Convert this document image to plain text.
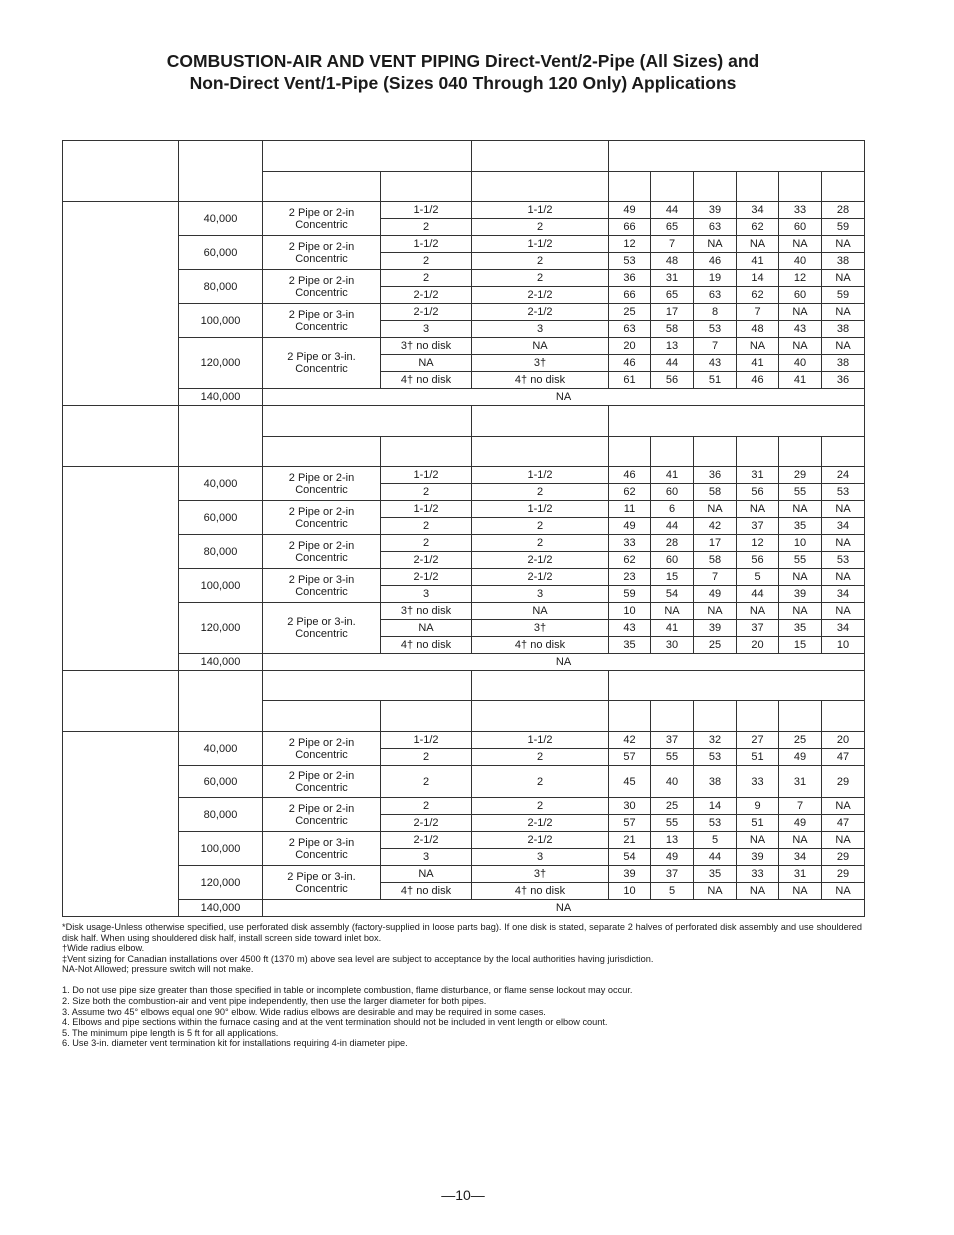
COMBUSTION-AIR AND VENT PIPING Direct-Vent/2-Pipe (All Sizes) and
Non-Direct Vent/1-Pipe (Sizes 040 Through 120 Only) Applications

	40,000	2 Pipe or 2-in Concentric	1-1/2	1-1/2	49	44	39	34	33	28
			2	2	66	65	63	62	60	59
	60,000	2 Pipe or 2-in Concentric	1-1/2	1-1/2	12	7	NA	NA	NA	NA
			2	2	53	48	46	41	40	38
	80,000	2 Pipe or 2-in Concentric	2	2	36	31	19	14	12	NA
			2-1/2	2-1/2	66	65	63	62	60	59
	100,000	2 Pipe or 3-in Concentric	2-1/2	2-1/2	25	17	8	7	NA	NA
			3	3	63	58	53	48	43	38
	120,000	2 Pipe or 3-in. Concentric	3† no disk	NA	20	13	7	NA	NA	NA
			NA	3†	46	44	43	41	40	38
			4† no disk	4† no disk	61	56	51	46	41	36
	140,000	NA								

	40,000	2 Pipe or 2-in Concentric	1-1/2	1-1/2	46	41	36	31	29	24
			2	2	62	60	58	56	55	53
	60,000	2 Pipe or 2-in Concentric	1-1/2	1-1/2	11	6	NA	NA	NA	NA
			2	2	49	44	42	37	35	34
	80,000	2 Pipe or 2-in Concentric	2	2	33	28	17	12	10	NA
			2-1/2	2-1/2	62	60	58	56	55	53
	100,000	2 Pipe or 3-in Concentric	2-1/2	2-1/2	23	15	7	5	NA	NA
			3	3	59	54	49	44	39	34
	120,000	2 Pipe or 3-in. Concentric	3† no disk	NA	10	NA	NA	NA	NA	NA
			NA	3†	43	41	39	37	35	34
			4† no disk	4† no disk	35	30	25	20	15	10
	140,000	NA								

	40,000	2 Pipe or 2-in Concentric	1-1/2	1-1/2	42	37	32	27	25	20
			2	2	57	55	53	51	49	47
	60,000	2 Pipe or 2-in Concentric	2	2	45	40	38	33	31	29
	80,000	2 Pipe or 2-in Concentric	2	2	30	25	14	9	7	NA
			2-1/2	2-1/2	57	55	53	51	49	47
	100,000	2 Pipe or 3-in Concentric	2-1/2	2-1/2	21	13	5	NA	NA	NA
			3	3	54	49	44	39	34	29
	120,000	2 Pipe or 3-in. Concentric	NA	3†	39	37	35	33	31	29
			4† no disk	4† no disk	10	5	NA	NA	NA	NA
	140,000	NA								

*Disk usage-Unless otherwise specified, use perforated disk assembly (factory-supplied in loose parts bag). If one disk is stated, separate 2 halves of perforated disk assembly and use shouldered disk half. When using shouldered disk half, install screen side toward inlet box.

†Wide radius elbow.

‡Vent sizing for Canadian installations over 4500 ft (1370 m) above sea level are subject to acceptance by the local authorities having jurisdiction.

NA-Not Allowed; pressure switch will not make.

1. Do not use pipe size greater than those specified in table or incomplete combustion, flame disturbance, or flame sense lockout may occur.

2. Size both the combustion-air and vent pipe independently, then use the larger diameter for both pipes.

3. Assume two 45° elbows equal one 90° elbow. Wide radius elbows are desirable and may be required in some cases.

4. Elbows and pipe sections within the furnace casing and at the vent termination should not be included in vent length or elbow count.

5. The minimum pipe length is 5 ft for all applications.

6. Use 3-in. diameter vent termination kit for installations requiring 4-in diameter pipe.

—10—
